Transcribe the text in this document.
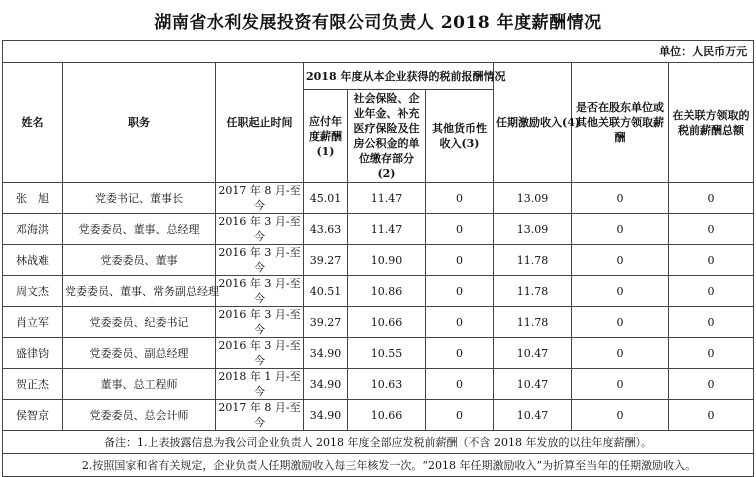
湖南省水利发展投资有限公司负责人 2018 年度薪酬情况
单位：人民币万元								
姓名	职务	任职起止时间	2018 年度从本企业获得的税前报酬情况			任期激励收入(4)	是否在股东单位或其他关联方领取薪酬	在关联方领取的税前薪酬总额
			应付年度薪酬(1)	社会保险、企业年金、补充医疗保险及住房公积金的单位缴存部分(2)	其他货币性收入(3)			
张　旭	党委书记、董事长	2017 年 8 月-至今	45.01	11.47	0	13.09	0	0
邓海洪	党委委员、董事、总经理	2016 年 3 月-至今	43.63	11.47	0	13.09	0	0
林战难	党委委员、董事	2016 年 3 月-至今	39.27	10.90	0	11.78	0	0
周文杰	党委委员、董事、常务副总经理	2016 年 3 月-至今	40.51	10.86	0	11.78	0	0
肖立军	党委委员、纪委书记	2016 年 3 月-至今	39.27	10.66	0	11.78	0	0
盛律钧	党委委员、副总经理	2016 年 3 月-至今	34.90	10.55	0	10.47	0	0
贺正杰	董事、总工程师	2018 年 1 月-至今	34.90	10.63	0	10.47	0	0
侯智京	党委委员、总会计师	2017 年 8 月-至今	34.90	10.66	0	10.47	0	0
备注：1.上表披露信息为我公司企业负责人 2018 年度全部应发税前薪酬（不含 2018 年发放的以往年度薪酬）。								
　　2.按照国家和省有关规定，企业负责人任期激励收入每三年核发一次。“2018 年任期激励收入”为折算至当年的任期激励收入。								
